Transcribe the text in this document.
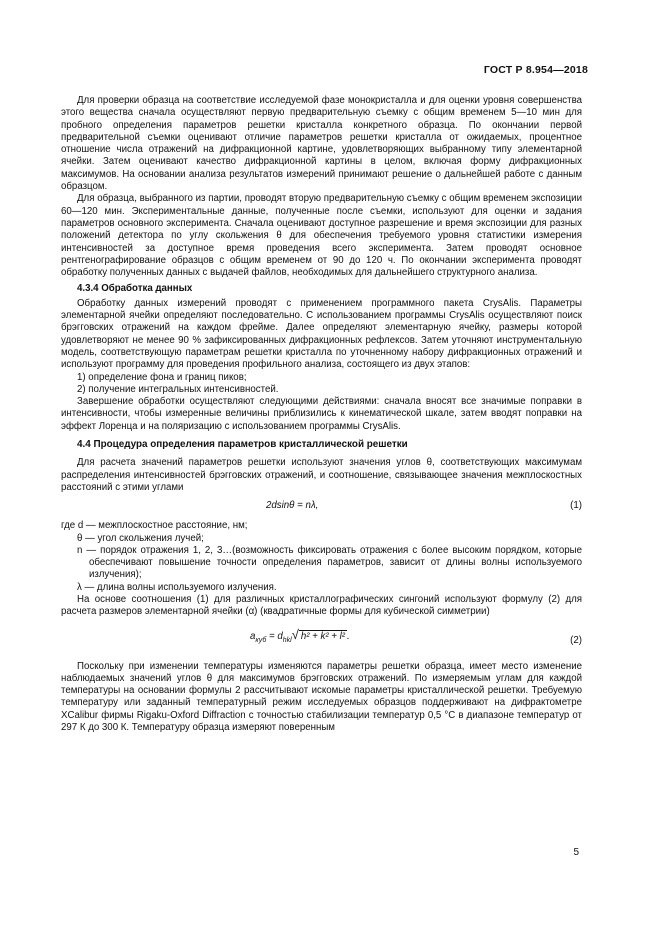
ГОСТ Р 8.954—2018

Для проверки образца на соответствие исследуемой фазе монокристалла и для оценки уровня совершенства этого вещества сначала осуществляют первую предварительную съемку с общим временем 5—10 мин для пробного определения параметров решетки кристалла конкретного образца. По окончании первой предварительной съемки оценивают отличие параметров решетки кристалла от ожидаемых, процентное отношение числа отражений на дифракционной картине, удовлетворяющих выбранному типу элементарной ячейки. Затем оценивают качество дифракционной картины в целом, включая форму дифракционных максимумов. На основании анализа результатов измерений принимают решение о дальнейшей работе с данным образцом.

Для образца, выбранного из партии, проводят вторую предварительную съемку с общим временем экспозиции 60—120 мин. Экспериментальные данные, полученные после съемки, используют для оценки и задания параметров основного эксперимента. Сначала оценивают доступное разрешение и время экспозиции для разных положений детектора по углу скольжения θ для обеспечения требуемого уровня статистики измерения интенсивностей за доступное время проведения всего эксперимента. Затем проводят основное рентгенографирование образцов с общим временем от 90 до 120 ч. По окончании эксперимента проводят обработку полученных данных с выдачей файлов, необходимых для дальнейшего структурного анализа.

4.3.4 Обработка данных

Обработку данных измерений проводят с применением программного пакета CrysAlis. Параметры элементарной ячейки определяют последовательно. С использованием программы CrysAlis осуществляют поиск брэгговских отражений на каждом фрейме. Далее определяют элементарную ячейку, размеры которой удовлетворяют не менее 90 % зафиксированных дифракционных рефлексов. Затем уточняют инструментальную модель, соответствующую параметрам решетки кристалла по уточненному набору дифракционных отражений и используют программу для проведения профильного анализа, состоящего из двух этапов:

1) определение фона и границ пиков;

2) получение интегральных интенсивностей.

Завершение обработки осуществляют следующими действиями: сначала вносят все значимые поправки в интенсивности, чтобы измеренные величины приблизились к кинематической шкале, затем вводят поправки на эффект Лоренца и на поляризацию с использованием программы CrysAlis.

4.4 Процедура определения параметров кристаллической решетки

Для расчета значений параметров решетки используют значения углов θ, соответствующих максимумам распределения интенсивностей брэгговских отражений, и соотношение, связывающее значения межплоскостных расстояний с этими углами

2dsinθ = nλ,	(1)

где d — межплоскостное расстояние, нм;

θ — угол скольжения лучей;

n — порядок отражения 1, 2, 3…(возможность фиксировать отражения с более высоким порядком, которые обеспечивают повышение точности определения параметров, зависит от длины волны используемого излучения);

λ — длина волны используемого излучения.

На основе соотношения (1) для различных кристаллографических сингоний используют формулу (2) для расчета размеров элементарной ячейки (α) (квадратичные формы для кубической симметрии)

$a_{куб} = d_{hkl}√$ h² + k² + l² .	(2)

Поскольку при изменении температуры изменяются параметры решетки образца, имеет место изменение наблюдаемых значений углов θ для максимумов брэгговских отражений. По измеряемым углам для каждой температуры на основании формулы 2 рассчитывают искомые параметры кристаллической решетки. Требуемую температуру или заданный температурный режим исследуемых образцов поддерживают на дифрактометре XCalibur фирмы Rigaku-Oxford Diffraction с точностью стабилизации температур 0,5 °С в диапазоне температур от 297 К до 300 К. Температуру образца измеряют поверенным

5
